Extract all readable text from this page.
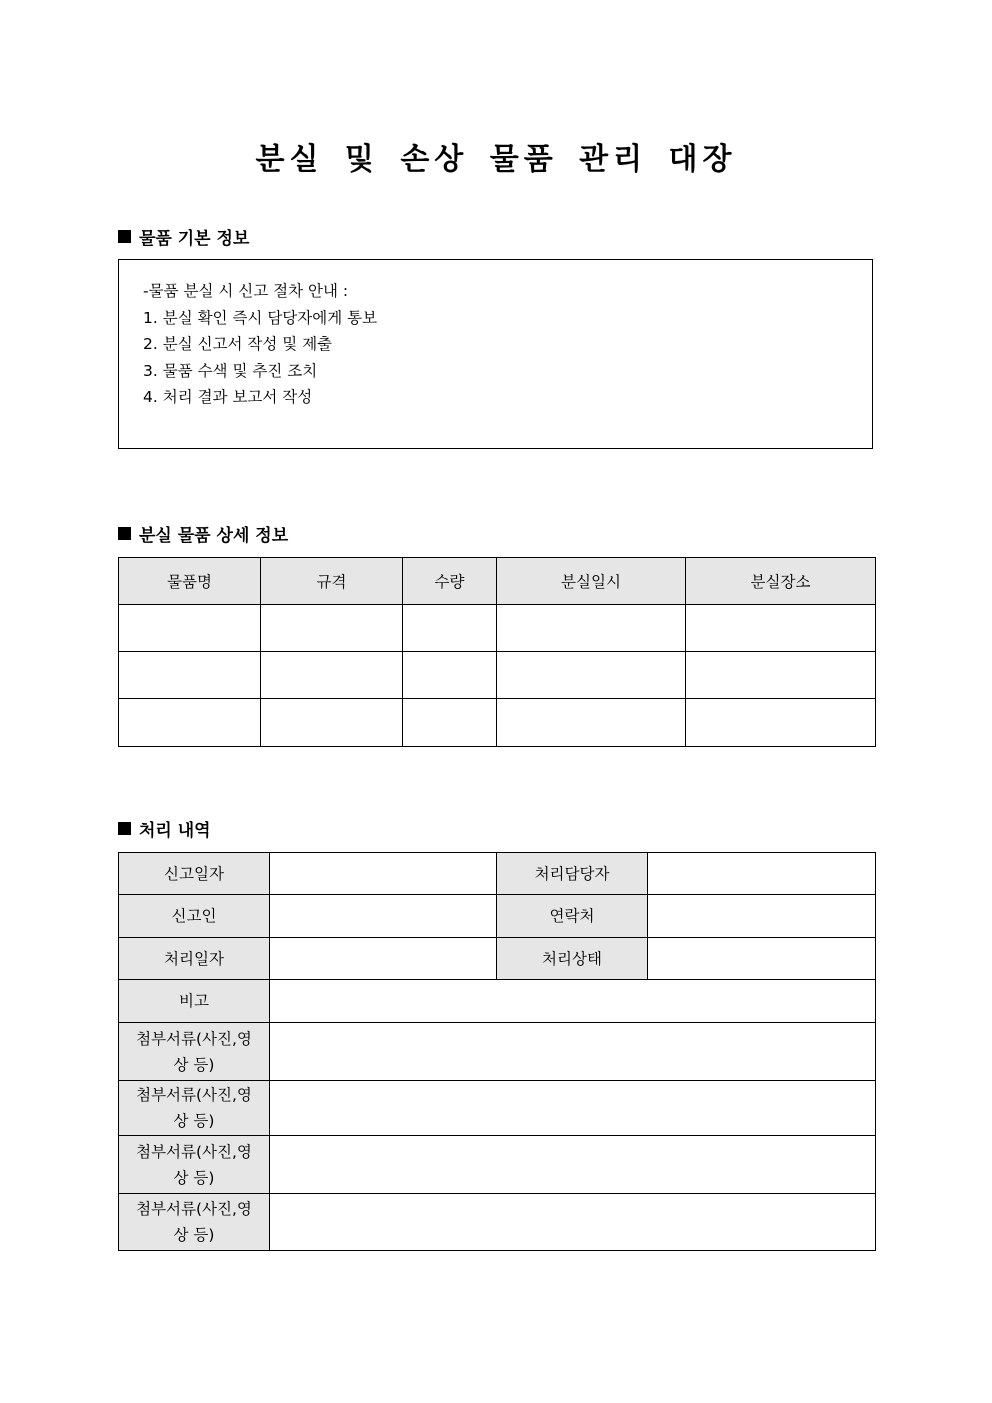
분실 및 손상 물품 관리 대장
물품 기본 정보
-물품 분실 시 신고 절차 안내 :
1. 분실 확인 즉시 담당자에게 통보
2. 분실 신고서 작성 및 제출
3. 물품 수색 및 추진 조치
4. 처리 결과 보고서 작성
분실 물품 상세 정보
물품명	규격	수량	분실일시	분실장소

처리 내역
신고일자		처리담당자	
신고인		연락처	
처리일자		처리상태	
비고			

첨부서류(사진,영
상 등)			

첨부서류(사진,영
상 등)			

첨부서류(사진,영
상 등)			

첨부서류(사진,영
상 등)			
